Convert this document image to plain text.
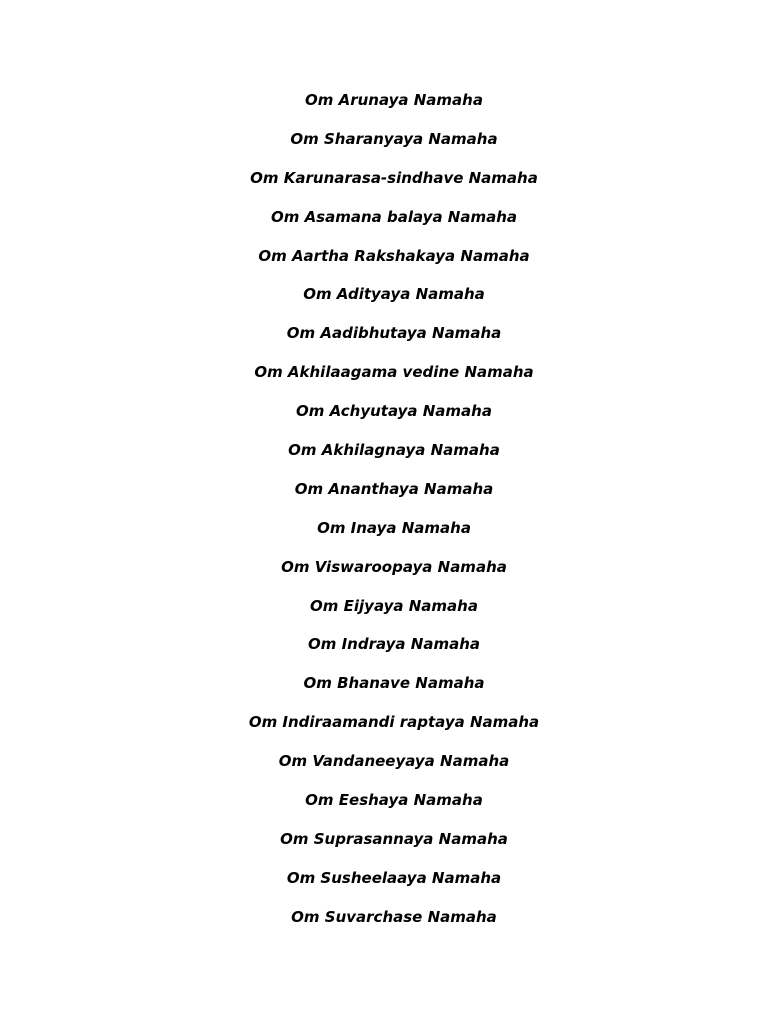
Om Arunaya Namaha
Om Sharanyaya Namaha
Om Karunarasa-sindhave Namaha
Om Asamana balaya Namaha
Om Aartha Rakshakaya Namaha
Om Adityaya Namaha
Om Aadibhutaya Namaha
Om Akhilaagama vedine Namaha
Om Achyutaya Namaha
Om Akhilagnaya Namaha
Om Ananthaya Namaha
Om Inaya Namaha
Om Viswaroopaya Namaha
Om Eijyaya Namaha
Om Indraya Namaha
Om Bhanave Namaha
Om Indiraamandi raptaya Namaha
Om Vandaneeyaya Namaha
Om Eeshaya Namaha
Om Suprasannaya Namaha
Om Susheelaaya Namaha
Om Suvarchase Namaha
